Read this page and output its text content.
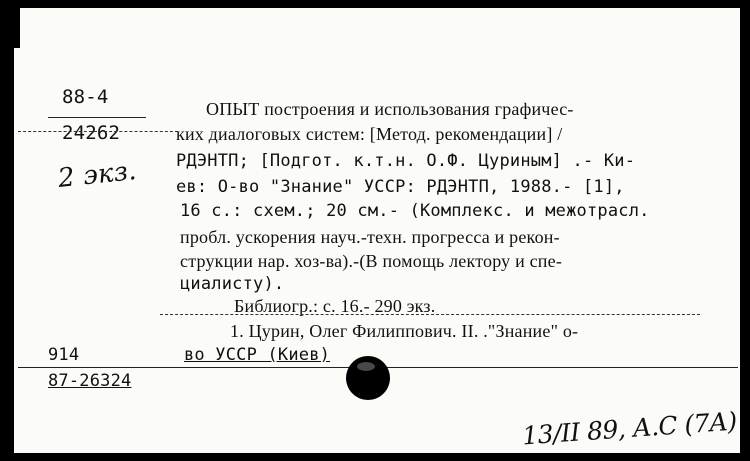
88-4
24262
2 экз.
ОПЫТ построения и использования графичес-
ких диалоговых систем: [Метод. рекомендации] /
РДЭНТП; [Подгот. к.т.н. О.Ф. Цуриным] .- Ки-
ев: О-во "Знание" УССР: РДЭНТП, 1988.- [1],
16 с.: схем.; 20 см.- (Комплекс. и межотрасл.
пробл. ускорения науч.-техн. прогресса и рекон-
струкции нар. хоз-ва).-(В помощь лектору и спе-
циалисту).
Библиогр.: с. 16.- 290 экз.
1. Цурин, Олег Филиппович. II. ."Знание" о-
914	во УССР (Киев)
87-26324
13/II 89, А.С (7А)
